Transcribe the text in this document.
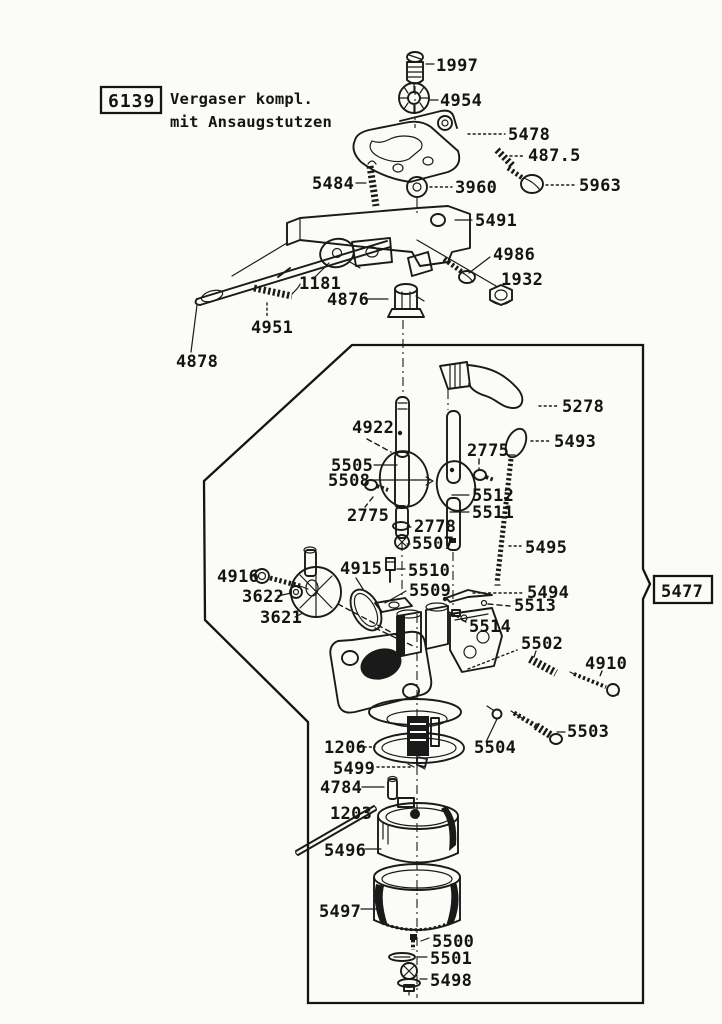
6139 Vergaser kompl.
mit Ansaugstutzen
5477
1997
4954
5478
487.5
5963
3960
5484
5491
4986
1932
1181
4876
4951
4878
5278
5493
4922
2775
5505
5508
2775
5512
5511
2778
5507	5495
5510
5509
4915
4916
3622
3621
5494
5513
5514
5502
4910
5503
5504
1206
5499
4784
1203
5496
5497
5500
5501
5498
